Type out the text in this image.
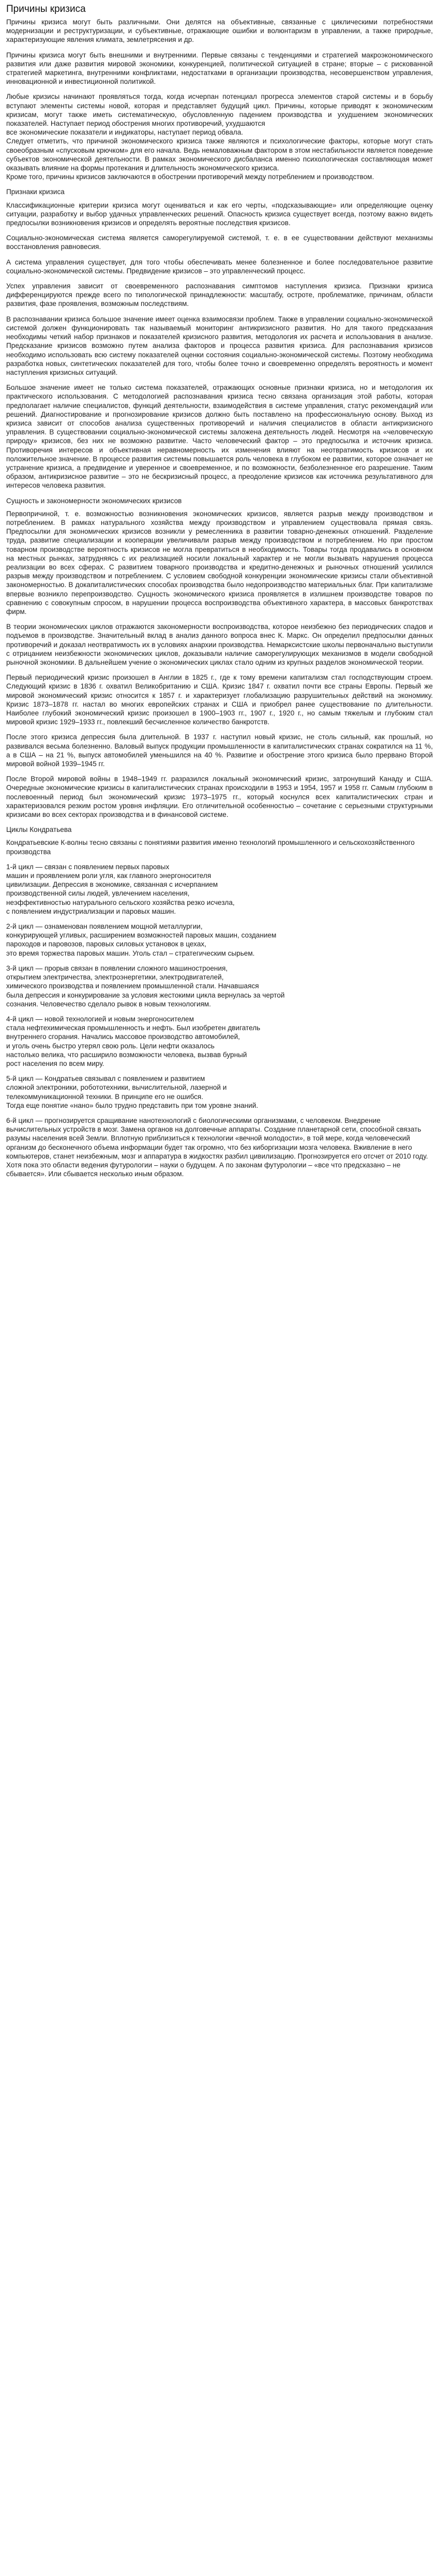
Причины кризиса

Причины кризиса могут быть различными. Они делятся на объективные, связанные с циклическими потребностями модернизации и реструктуризации, и субъективные, отражающие ошибки и волюнтаризм в управлении, а также природные, характеризующие явления климата, землетрясения и др.

Причины кризиса могут быть внешними и внутренними. Первые связаны с тенденциями и стратегией макроэкономического развития или даже развития мировой экономики, конкуренцией, политической ситуацией в стране; вторые – с рискованной стратегией маркетинга, внутренними конфликтами, недостатками в организации производства, несовершенством управления, инновационной и инвестиционной политикой.

Любые кризисы начинают проявляться тогда, когда исчерпан потенциал прогресса элементов старой системы и в борьбу вступают элементы системы новой, которая и представляет будущий цикл. Причины, которые приводят к экономическим кризисам, могут также иметь систематическую, обусловленную падением производства и ухудшением экономических показателей. Наступает период обострения многих противоречий, ухудшаются

все экономические показатели и индикаторы, наступает период обвала.

Следует отметить, что причиной экономического кризиса также являются и психологические факторы, которые могут стать своеобразным «спусковым крючком» для его начала. Ведь немаловажным фактором в этом нестабильности является поведение субъектов экономической деятельности. В рамках экономического дисбаланса именно психологическая составляющая может оказывать влияние на формы протекания и длительность экономического кризиса.

Кроме того, причины кризисов заключаются в обострении противоречий между потреблением и производством.

Признаки кризиса

Классификационные критерии кризиса могут оцениваться и как его черты, «подсказывающие» или определяющие оценку ситуации, разработку и выбор удачных управленческих решений. Опасность кризиса существует всегда, поэтому важно видеть предпосылки возникновения кризисов и определять вероятные последствия кризисов.

Социально-экономическая система является саморегулируемой системой, т. е. в ее существовании действуют механизмы восстановления равновесия.

А система управления существует, для того чтобы обеспечивать менее болезненное и более последовательное развитие социально-экономической системы. Предвидение кризисов – это управленческий процесс.

Успех управления зависит от своевременного распознавания симптомов наступления кризиса. Признаки кризиса дифференцируются прежде всего по типологической принадлежности: масштабу, остроте, проблематике, причинам, области развития, фазе проявления, возможным последствиям.

В распознавании кризиса большое значение имеет оценка взаимосвязи проблем. Также в управлении социально-экономической системой должен функционировать так называемый мониторинг антикризисного развития. Но для такого предсказания необходимы четкий набор признаков и показателей кризисного развития, методология их расчета и использования в анализе. Предсказание кризисов возможно путем анализа факторов и процесса развития кризиса. Для распознавания кризисов необходимо использовать всю систему показателей оценки состояния социально-экономической системы. Поэтому необходима разработка новых, синтетических показателей для того, чтобы более точно и своевременно определять вероятность и момент наступления кризисных ситуаций.

Большое значение имеет не только система показателей, отражающих основные признаки кризиса, но и методология их практического использования. С методологией распознавания кризиса тесно связана организация этой работы, которая предполагает наличие специалистов, функций деятельности, взаимодействия в системе управления, статус рекомендаций или решений. Диагностирование и прогнозирование кризисов должно быть поставлено на профессиональную основу. Выход из кризиса зависит от способов анализа существенных противоречий и наличия специалистов в области антикризисного управления. В существовании социально-экономической системы заложена деятельность людей. Несмотря на «человеческую природу» кризисов, без них не возможно развитие. Часто человеческий фактор – это предпосылка и источник кризиса. Противоречия интересов и объективная неравномерность их изменения влияют на неотвратимость кризисов и их положительное значение. В процессе развития системы повышается роль человека в глубоком ее развитии, которое означает не устранение кризиса, а предвидение и уверенное и своевременное, и по возможности, безболезненное его разрешение. Таким образом, антикризисное развитие – это не бескризисный процесс, а преодоление кризисов как источника результативного для интересов человека развития.

Сущность и закономерности экономических кризисов

Первопричиной, т. е. возможностью возникновения экономических кризисов, является разрыв между производством и потреблением. В рамках натурального хозяйства между производством и управлением существовала прямая связь. Предпосылки для экономических кризисов возникли у ремесленника в развитии товарно-денежных отношений. Разделение труда, развитие специализации и кооперации увеличивали разрыв между производством и потреблением. Но при простом товарном производстве вероятность кризисов не могла превратиться в необходимость. Товары тогда продавались в основном на местных рынках, затрудняясь с их реализацией носили локальный характер и не могли вызывать нарушения процесса реализации во всех сферах. С развитием товарного производства и кредитно-денежных и рыночных отношений усилился разрыв между производством и потреблением. С условием свободной конкуренции экономические кризисы стали объективной закономерностью. В докапиталистических способах производства было недопроизводство материальных благ. При капитализме впервые возникло перепроизводство. Сущность экономического кризиса проявляется в излишнем производстве товаров по сравнению с совокупным спросом, в нарушении процесса воспроизводства объективного характера, в массовых банкротствах фирм.

В теории экономических циклов отражаются закономерности воспроизводства, которое неизбежно без периодических спадов и подъемов в производстве. Значительный вклад в анализ данного вопроса внес К. Маркс. Он определил предпосылки данных противоречий и доказал неотвратимость их в условиях анархии производства. Немарксистские школы первоначально выступили с отрицанием неизбежности экономических циклов, доказывали наличие саморегулирующих механизмов в модели свободной рыночной экономики. В дальнейшем учение о экономических циклах стало одним из крупных разделов экономической теории.

Первый периодический кризис произошел в Англии в 1825 г., где к тому времени капитализм стал господствующим строем. Следующий кризис в 1836 г. охватил Великобританию и США. Кризис 1847 г. охватил почти все страны Европы. Первый же мировой экономический кризис относится к 1857 г. и характеризует глобализацию разрушительных действий на экономику. Кризис 1873–1878 гг. настал во многих европейских странах и США и приобрел ранее существование по длительности. Наиболее глубокий экономический кризис произошел в 1900–1903 гг., 1907 г., 1920 г., но самым тяжелым и глубоким стал мировой кризис 1929–1933 гг., повлекший бесчисленное количество банкротств.

После этого кризиса депрессия была длительной. В 1937 г. наступил новый кризис, не столь сильный, как прошлый, но развивался весьма болезненно. Валовый выпуск продукции промышленности в капиталистических странах сократился на 11 %, а в США – на 21 %, выпуск автомобилей уменьшился на 40 %. Развитие и обострение этого кризиса было прервано Второй мировой войной 1939–1945 гг.

После Второй мировой войны в 1948–1949 гг. разразился локальный экономический кризис, затронувший Канаду и США. Очередные экономические кризисы в капиталистических странах происходили в 1953 и 1954, 1957 и 1958 гг. Самым глубоким в послевоенный период был экономический кризис 1973–1975 гг., который коснулся всех капиталистических стран и характеризовался резким ростом уровня инфляции. Его отличительной особенностью – сочетание с серьезными структурными кризисами во всех секторах производства и в финансовой системе.

Циклы Кондратьева

Кондратьевские К-волны тесно связаны с понятиями развития именно технологий промышленного и сельскохозяйственного производства

1-й цикл — связан с появлением первых паровых

машин и проявлением роли угля, как главного энергоносителя

цивилизации. Депрессия в экономике, связанная с исчерпанием

производственной силы людей, увлечением населения,

неэффективностью натурального сельского хозяйства резко исчезла,

с появлением индустриализации и паровых машин.

2-й цикл — ознаменован появлением мощной металлургии,

конкурирующей угливых, расширением возможностей паровых машин, созданием

пароходов и паровозов, паровых силовых установок в цехах,

это время торжества паровых машин. Уголь стал – стратегическим сырьем.

3-й цикл — прорыв связан в появлении сложного машиностроения,

открытием электричества, электроэнергетики, электродвигателей,

химического производства и появлением промышленной стали. Начавшаяся

была депрессия и конкурирование за условия жестокими цикла вернулась за чертой

сознания. Человечество сделало рывок в новым технологиям.

4-й цикл — новой технологией и новым энергоносителем

стала нефтехимическая промышленность и нефть. Был изобретен двигатель

внутреннего сгорания. Начались массовое производство автомобилей,

и уголь очень быстро утерял свою роль. Цели нефти оказалось

настолько велика, что расширило возможности человека, вызвав бурный

рост населения по всем миру.

5-й цикл — Кондратьев связывал с появлением и развитием

сложной электроники, робототехники, вычислительной, лазерной и

телекоммуникационной техники. В принципе его не ошибся.

Тогда еще понятие «нано» было трудно представить при том уровне знаний.

6-й цикл — прогнозируется сращивание нанотехнологий с биологическими организмами, с человеком. Внедрение вычислительных устройств в мозг. Замена органов на долговечные аппараты. Создание планетарной сети, способной связать разумы населения всей Земли. Вплотную приблизиться к технологии «вечной молодости», в той мере, когда человеческий организм до бесконечного объема информации будет так огромно, что без киборгизации мозга человека. Вживление в него компьютеров, станет неизбежным, мозг и аппаратура в жидкостях разбил цивилизацию. Прогнозируется его отсчет от 2010 году. Хотя пока это области ведения футурологии – науки о будущем. А по законам футурологии – «все что предсказано – не сбывается». Или сбывается несколько иным образом.
